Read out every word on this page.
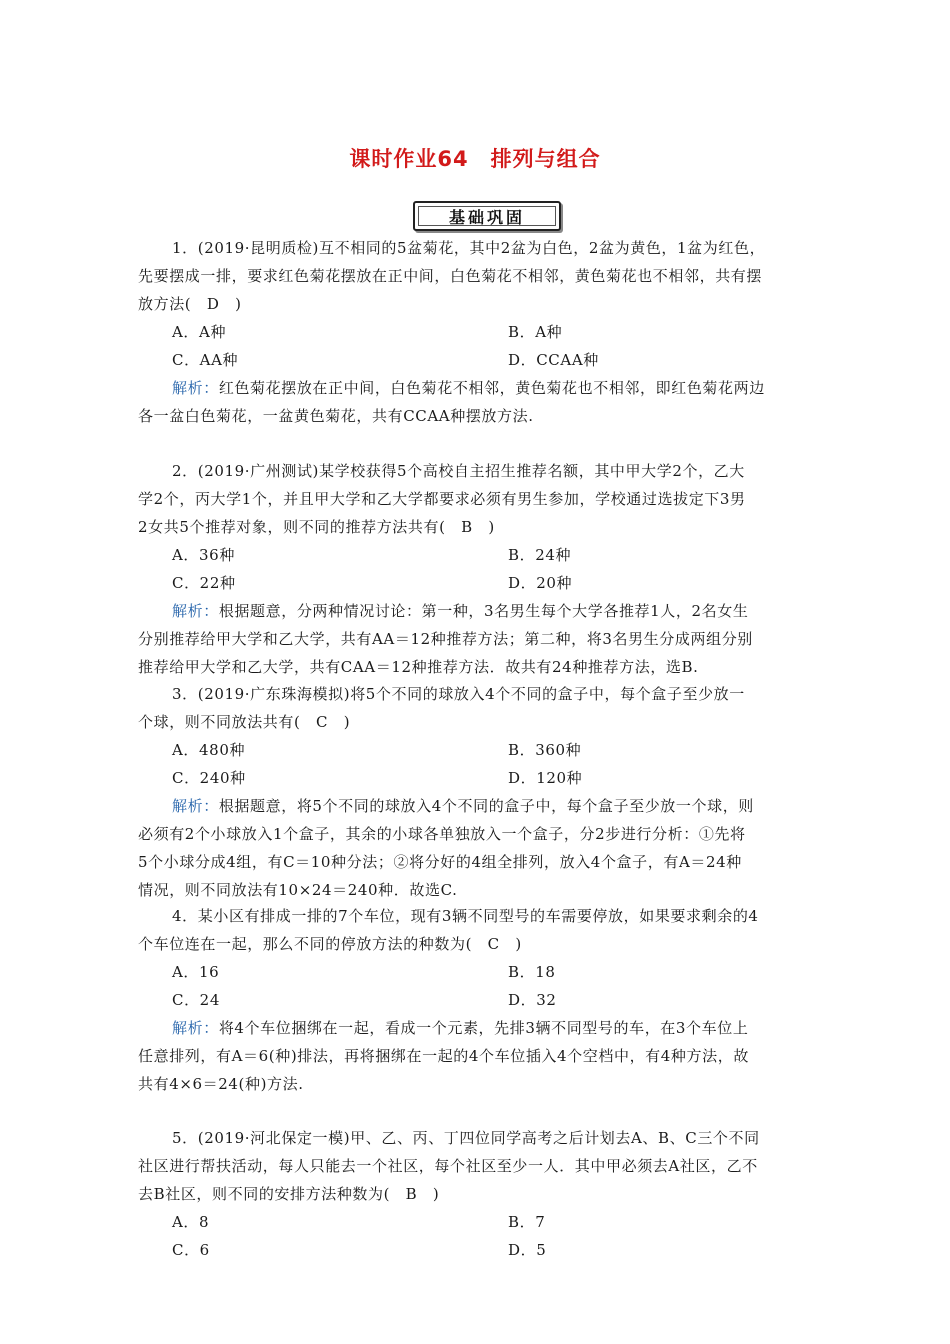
课时作业64　排列与组合
基础巩固
1．(2019·昆明质检)互不相同的5盆菊花，其中2盆为白色，2盆为黄色，1盆为红色，
先要摆成一排，要求红色菊花摆放在正中间，白色菊花不相邻，黄色菊花也不相邻，共有摆
放方法(　D　)
A．A种	B．A种
C．AA种	D．CCAA种
解析：红色菊花摆放在正中间，白色菊花不相邻，黄色菊花也不相邻，即红色菊花两边
各一盆白色菊花，一盆黄色菊花，共有CCAA种摆放方法.
2．(2019·广州测试)某学校获得5个高校自主招生推荐名额，其中甲大学2个，乙大
学2个，丙大学1个，并且甲大学和乙大学都要求必须有男生参加，学校通过选拔定下3男
2女共5个推荐对象，则不同的推荐方法共有(　B　)
A．36种	B．24种
C．22种	D．20种
解析：根据题意，分两种情况讨论：第一种，3名男生每个大学各推荐1人，2名女生
分别推荐给甲大学和乙大学，共有AA＝12种推荐方法；第二种，将3名男生分成两组分别
推荐给甲大学和乙大学，共有CAA＝12种推荐方法．故共有24种推荐方法，选B.
3．(2019·广东珠海模拟)将5个不同的球放入4个不同的盒子中，每个盒子至少放一
个球，则不同放法共有(　C　)
A．480种	B．360种
C．240种	D．120种
解析：根据题意，将5个不同的球放入4个不同的盒子中，每个盒子至少放一个球，则
必须有2个小球放入1个盒子，其余的小球各单独放入一个盒子，分2步进行分析：①先将
5个小球分成4组，有C＝10种分法；②将分好的4组全排列，放入4个盒子，有A＝24种
情况，则不同放法有10×24＝240种．故选C.
4．某小区有排成一排的7个车位，现有3辆不同型号的车需要停放，如果要求剩余的4
个车位连在一起，那么不同的停放方法的种数为(　C　)
A．16	B．18
C．24	D．32
解析：将4个车位捆绑在一起，看成一个元素，先排3辆不同型号的车，在3个车位上
任意排列，有A＝6(种)排法，再将捆绑在一起的4个车位插入4个空档中，有4种方法，故
共有4×6＝24(种)方法.
5．(2019·河北保定一模)甲、乙、丙、丁四位同学高考之后计划去A、B、C三个不同
社区进行帮扶活动，每人只能去一个社区，每个社区至少一人．其中甲必须去A社区，乙不
去B社区，则不同的安排方法种数为(　B　)
A．8	B．7
C．6	D．5
